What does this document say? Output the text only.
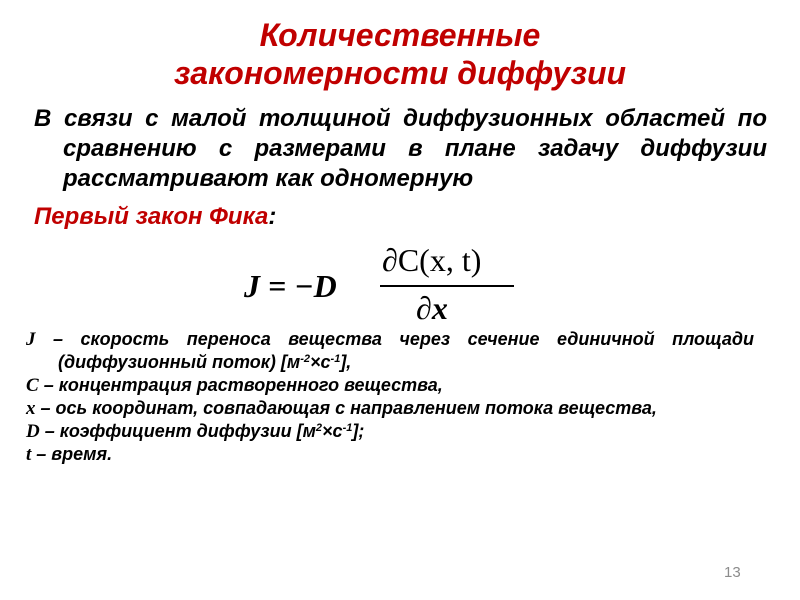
Количественные
закономерности диффузии

В связи с малой толщиной диффузионных областей по сравнению с размерами в плане задачу диффузии рассматривают как одномерную

Первый закон Фика:
J = −D
∂C(x, t)
∂x

J – скорость переноса вещества через сечение единичной площади (диффузионный поток) $[м^{-2}\times c^{-1}]$,

C – концентрация растворенного вещества,

x – ось координат, совпадающая с направлением потока вещества,

D – коэффициент диффузии $[м^2\times c^{-1}]$;

t – время.

13
